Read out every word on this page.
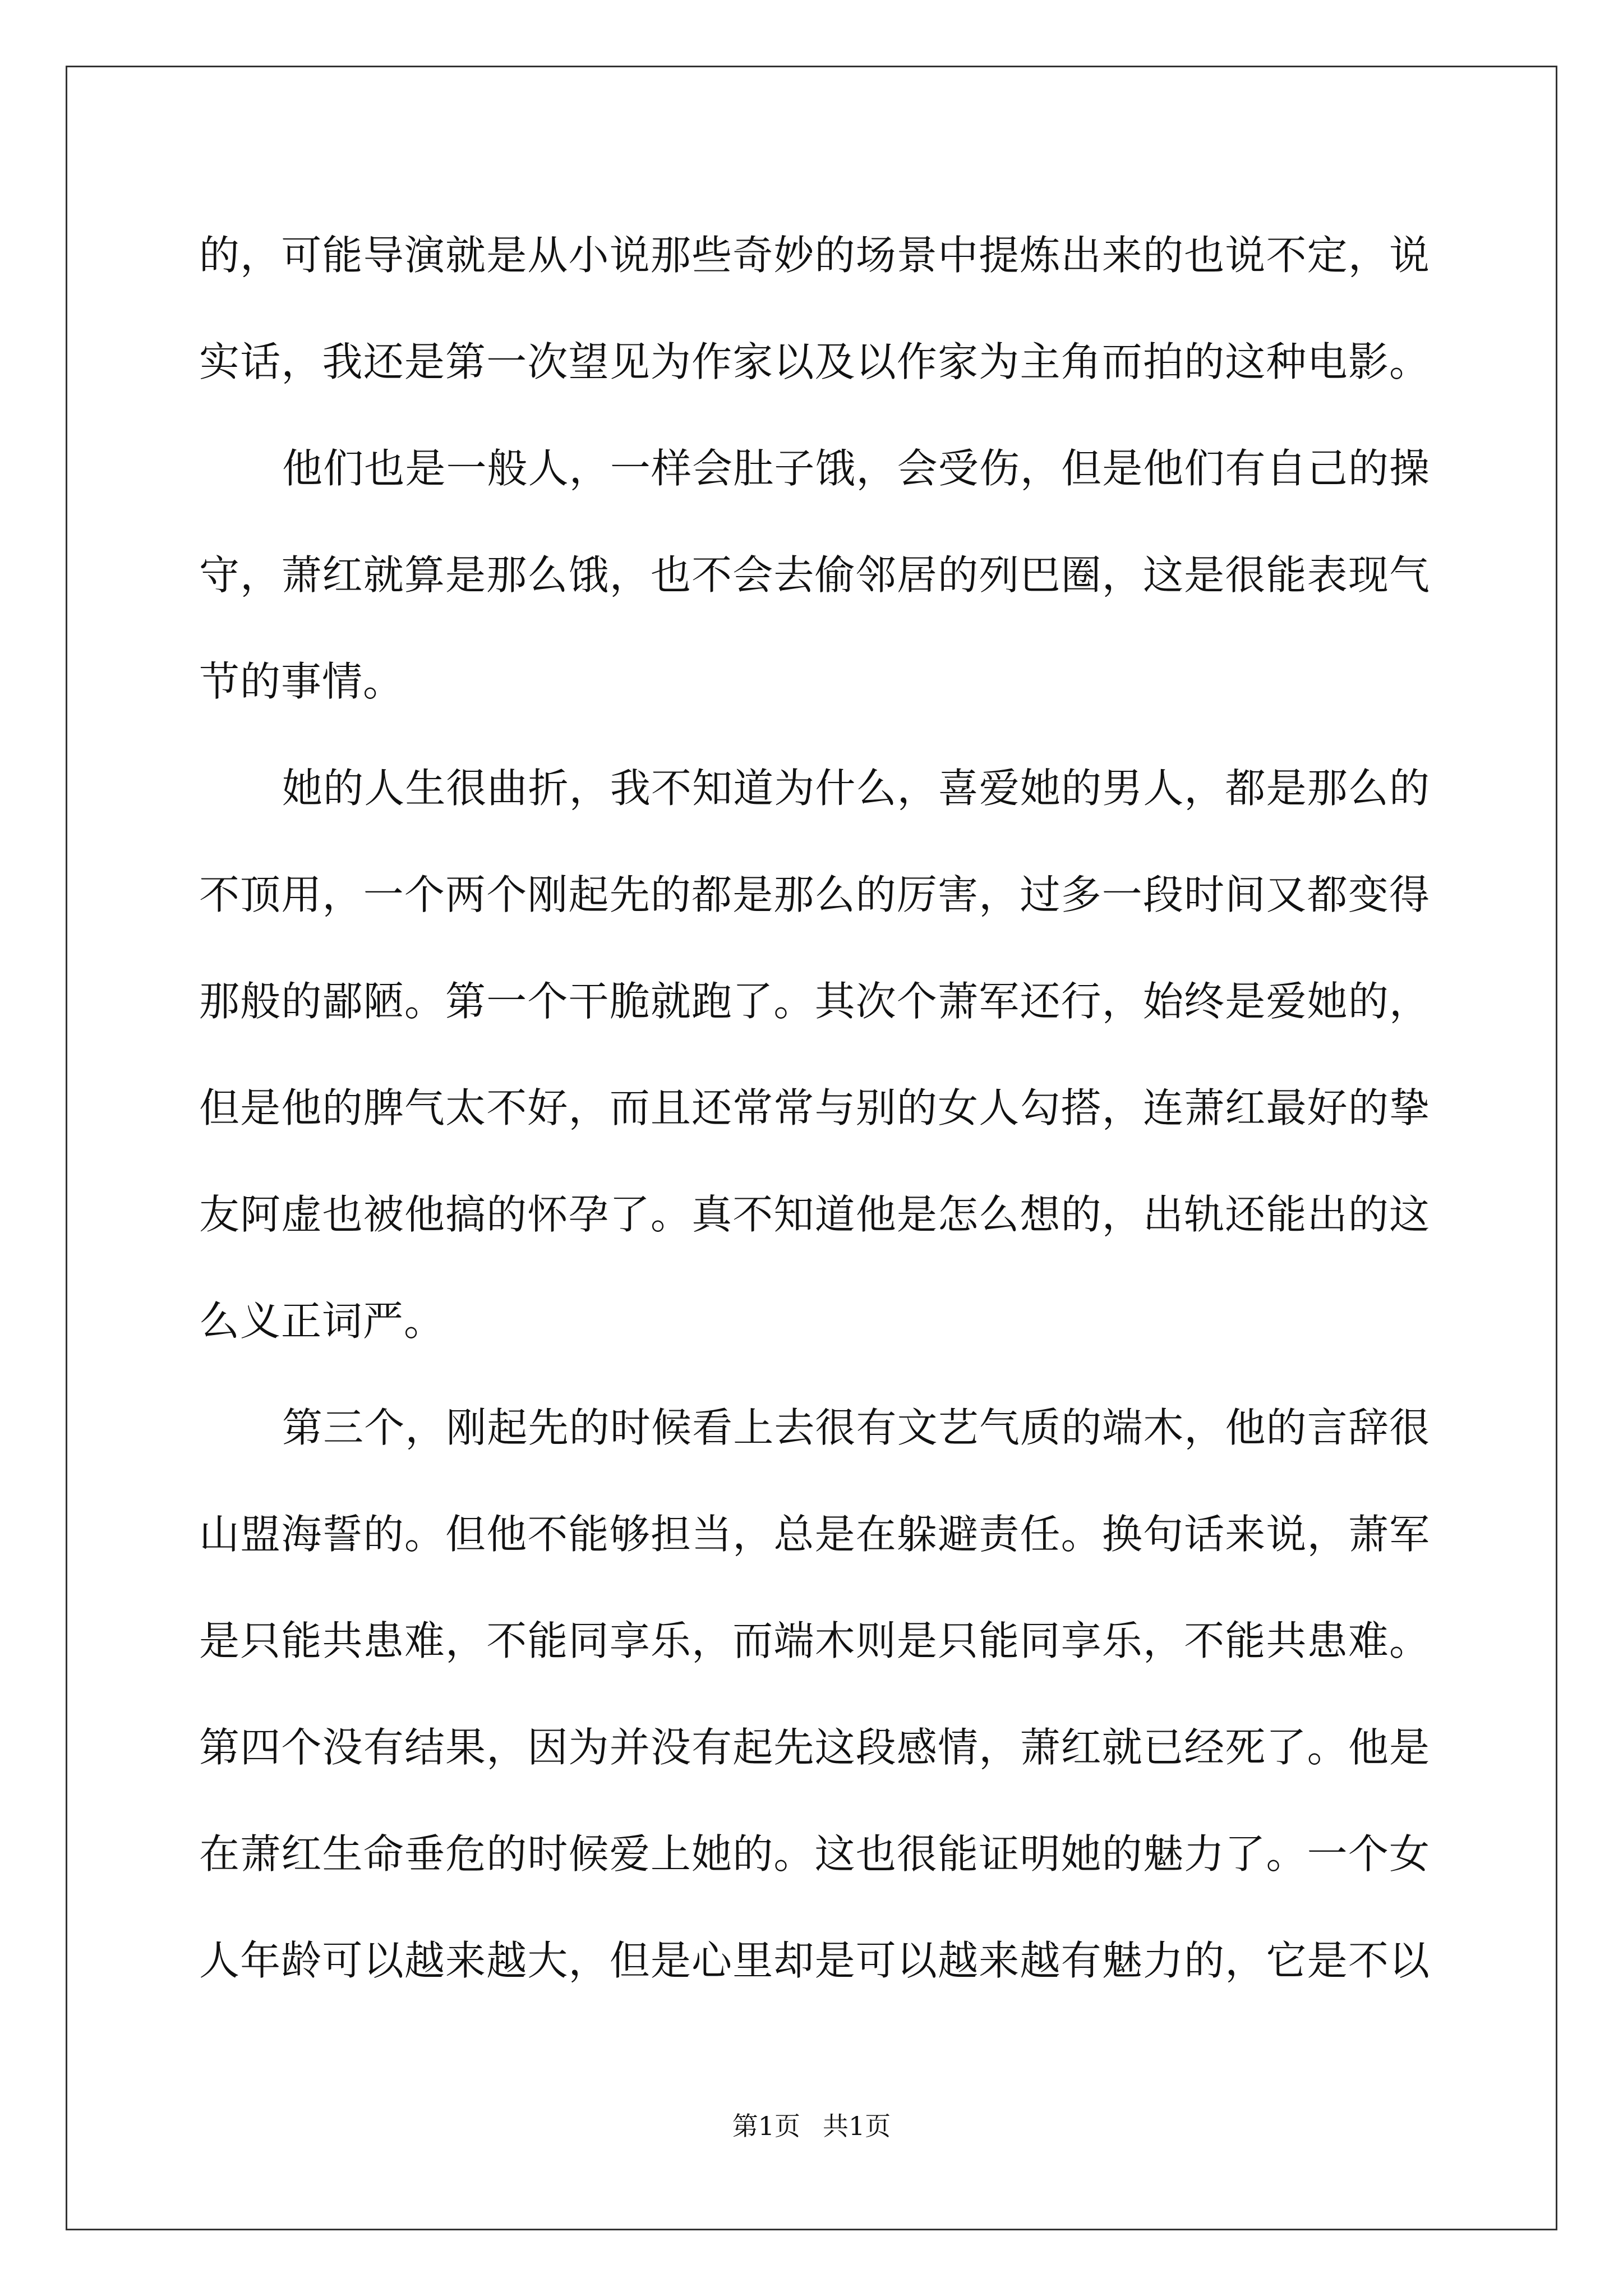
的，可能导演就是从小说那些奇妙的场景中提炼出来的也说不定，说
实话，我还是第一次望见为作家以及以作家为主角而拍的这种电影。
他们也是一般人，一样会肚子饿，会受伤，但是他们有自己的操
守，萧红就算是那么饿，也不会去偷邻居的列巴圈，这是很能表现气
节的事情。
她的人生很曲折，我不知道为什么，喜爱她的男人，都是那么的
不顶用，一个两个刚起先的都是那么的厉害，过多一段时间又都变得
那般的鄙陋。第一个干脆就跑了。其次个萧军还行，始终是爱她的，
但是他的脾气太不好，而且还常常与别的女人勾搭，连萧红最好的挚
友阿虚也被他搞的怀孕了。真不知道他是怎么想的，出轨还能出的这
么义正词严。
第三个，刚起先的时候看上去很有文艺气质的端木，他的言辞很
山盟海誓的。但他不能够担当，总是在躲避责任。换句话来说，萧军
是只能共患难，不能同享乐，而端木则是只能同享乐，不能共患难。
第四个没有结果，因为并没有起先这段感情，萧红就已经死了。他是
在萧红生命垂危的时候爱上她的。这也很能证明她的魅力了。一个女
人年龄可以越来越大，但是心里却是可以越来越有魅力的，它是不以
第1页 共1页
